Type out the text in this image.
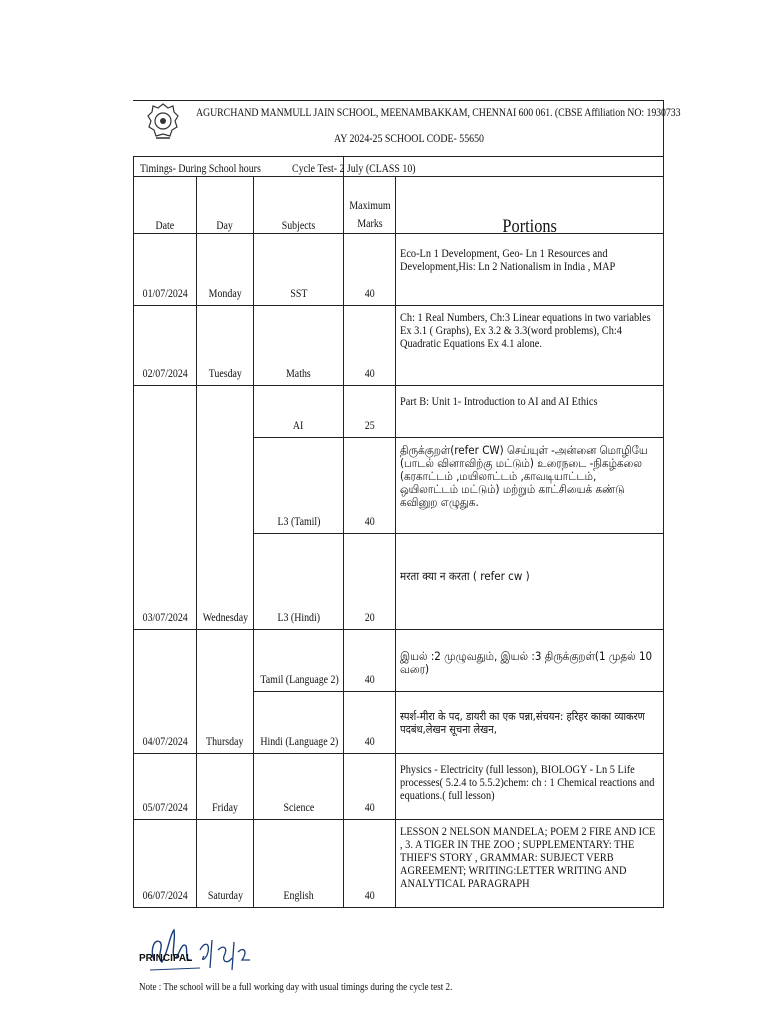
AGURCHAND MANMULL JAIN SCHOOL, MEENAMBAKKAM, CHENNAI 600 061. (CBSE Affiliation NO: 1930733
AY 2024-25 SCHOOL CODE- 55650
Timings- During School hours			Cycle Test- 2 July (CLASS 10)	
Date	Day	Subjects	Maximum Marks	Portions
01/07/2024	Monday	SST	40	Eco-Ln 1 Development, Geo- Ln 1 Resources and Development,His: Ln 2 Nationalism in India , MAP

02/07/2024	Tuesday	Maths	40	Ch: 1 Real Numbers, Ch:3 Linear equations in two variables Ex 3.1 ( Graphs), Ex 3.2 & 3.3(word problems), Ch:4 Quadratic Equations Ex 4.1 alone.

03/07/2024	Wednesday	AI	25	Part B: Unit 1- Introduction to AI and AI Ethics

		L3 (Tamil)	40	திருக்குறள்(refer CW) செய்யுள் -அன்னை மொழியே (பாடல் வினாவிற்கு மட்டும்) உரைநடை -நிகழ்கலை (கரகாட்டம் ,மயிலாட்டம் ,காவடியாட்டம், ஒயிலாட்டம் மட்டும்) மற்றும் காட்சியைக் கண்டு கவினுற எழுதுக.

		L3 (Hindi)	20	मरता क्या न करता ( refer cw )

04/07/2024	Thursday	Tamil (Language 2)	40	இயல் :2 முழுவதும், இயல் :3 திருக்குறள்(1 முதல் 10 வரை)

		Hindi (Language 2)	40	स्पर्श-मीरा के पद, डायरी का एक पन्ना,संचयन: हरिहर काका व्याकरण पदबंध,लेखन सूचना लेखन,

05/07/2024	Friday	Science	40	Physics - Electricity (full lesson), BIOLOGY - Ln 5 Life processes( 5.2.4 to 5.5.2)chem: ch : 1 Chemical reactions and equations.( full lesson)

06/07/2024	Saturday	English	40	LESSON 2 NELSON MANDELA; POEM 2 FIRE AND ICE , 3. A TIGER IN THE ZOO ; SUPPLEMENTARY: THE THIEF'S STORY , GRAMMAR: SUBJECT VERB AGREEMENT; WRITING:LETTER WRITING AND ANALYTICAL PARAGRAPH
PRINCIPAL
Note : The school will be a full working day with usual timings during the cycle test 2.
